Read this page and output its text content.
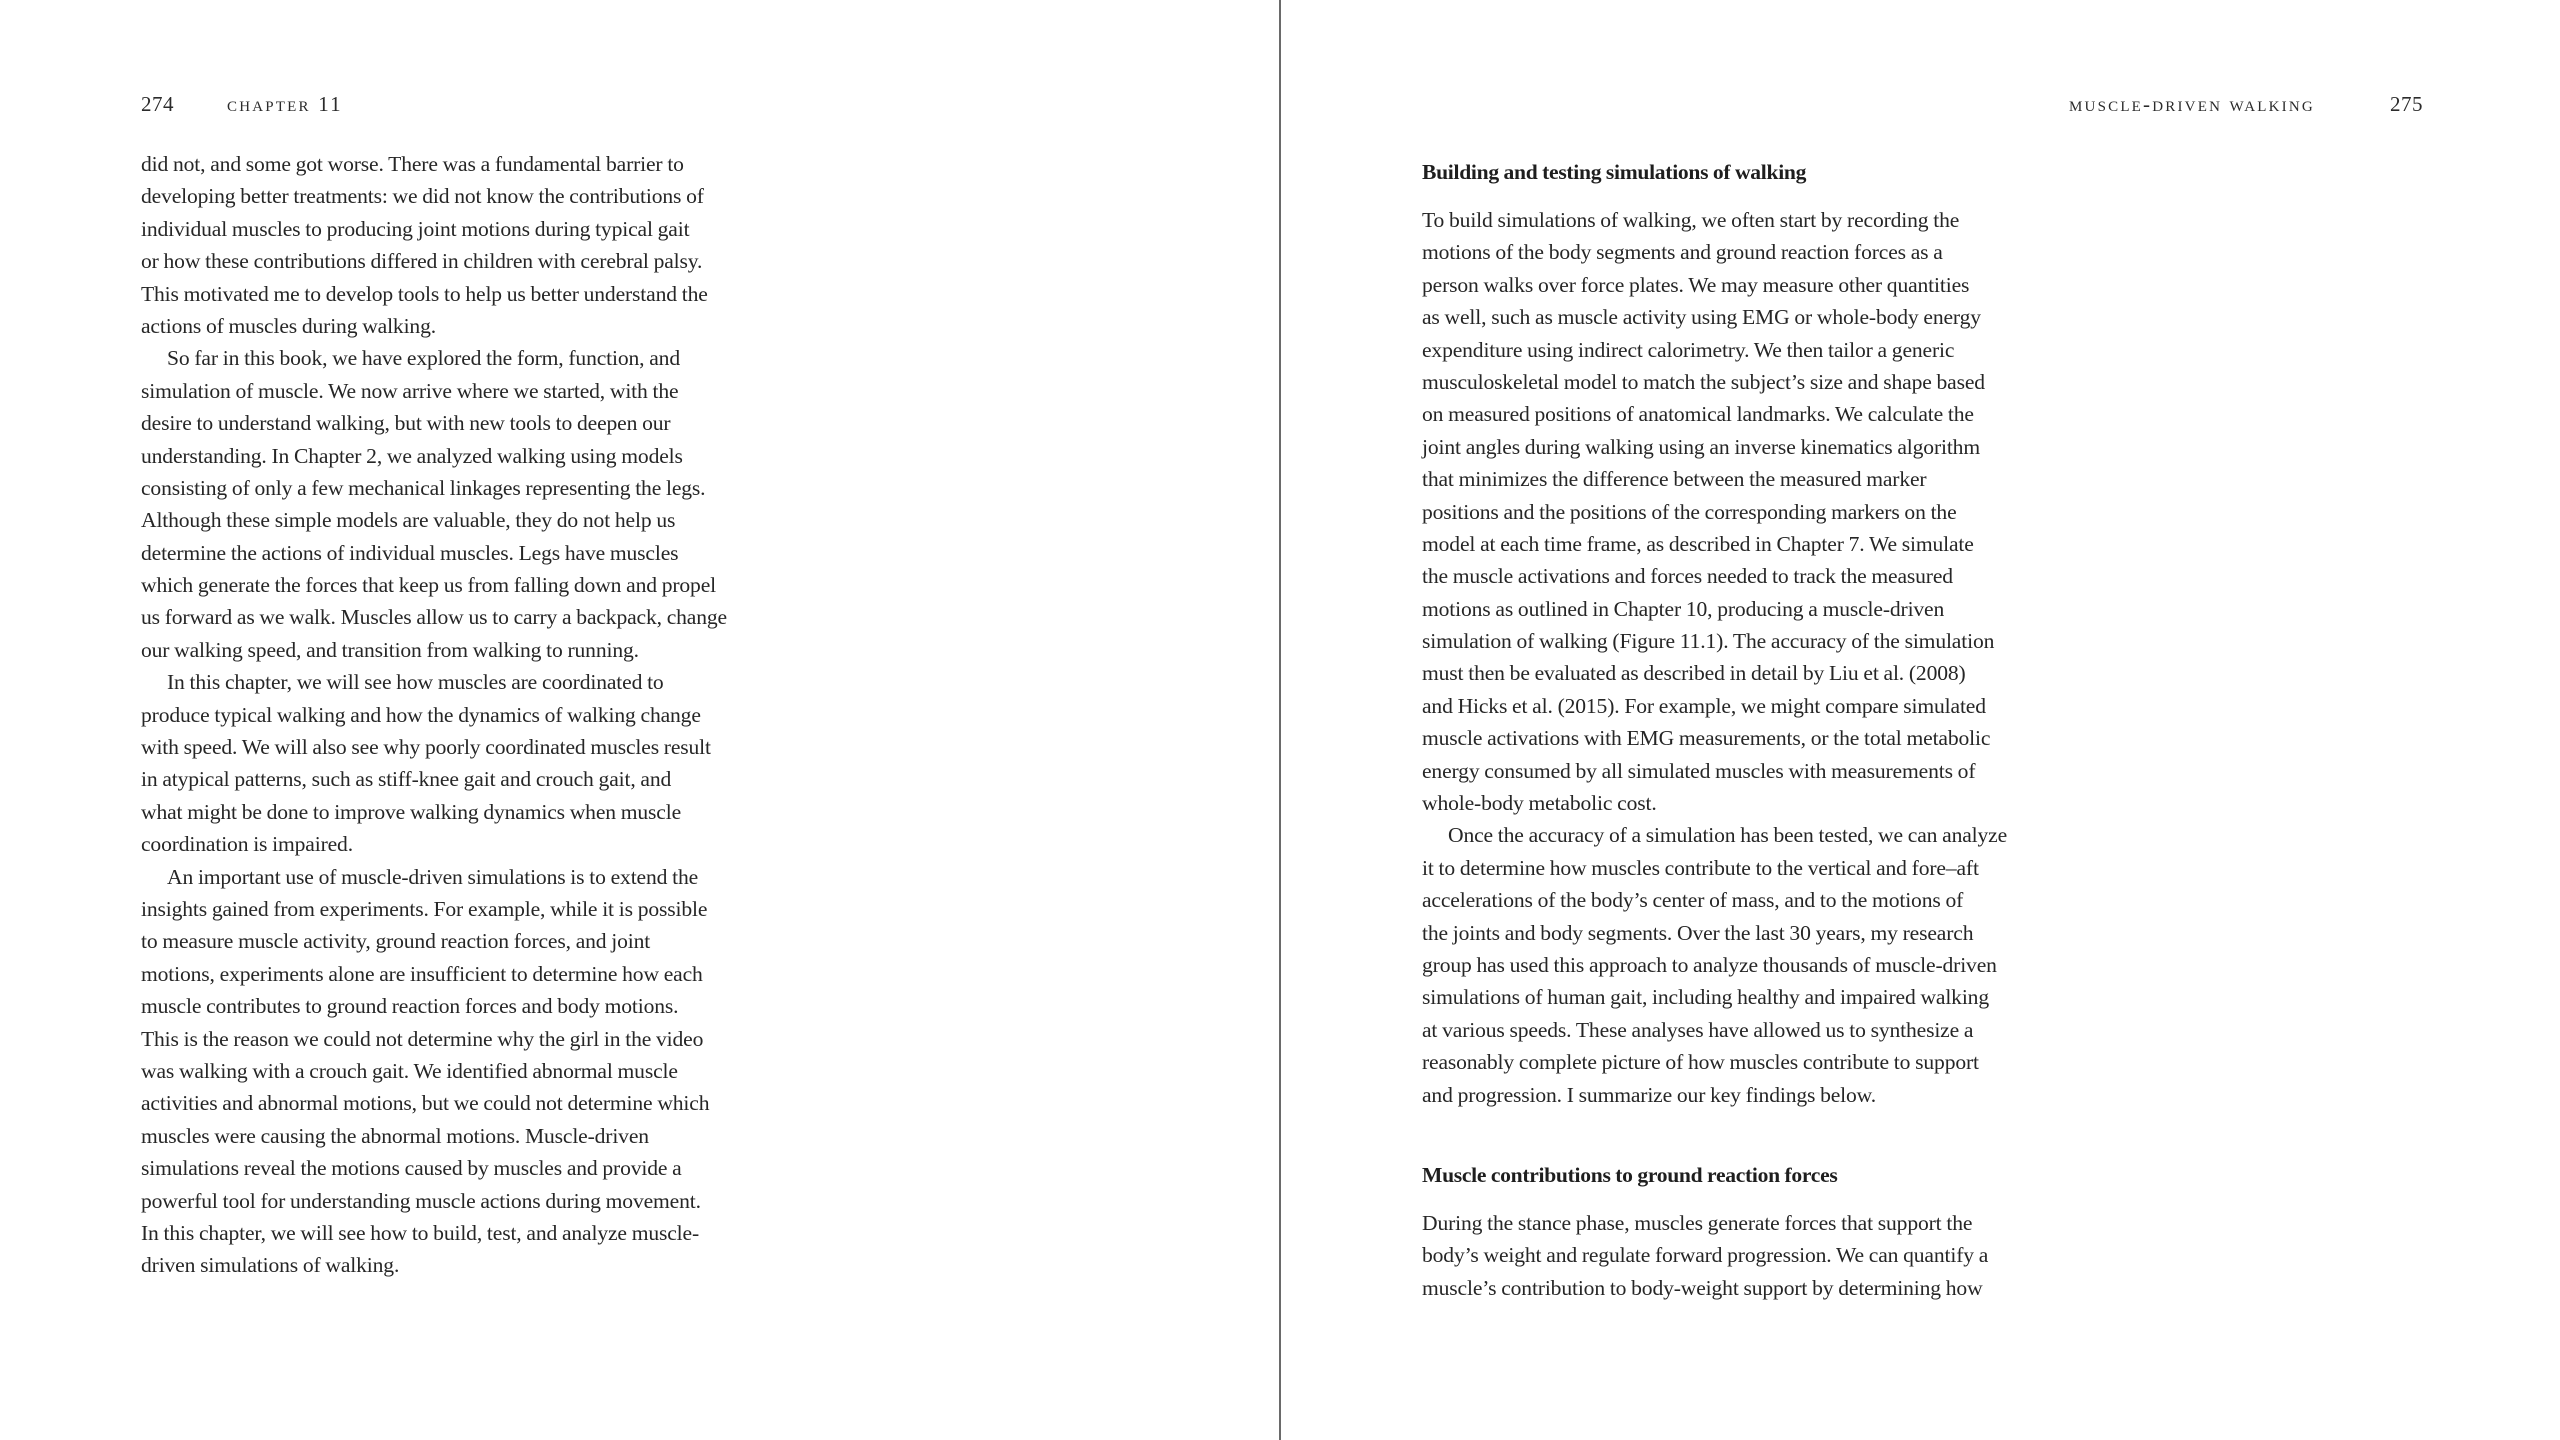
274	chapter 11
did not, and some got worse. There was a fundamental barrier to
developing better treatments: we did not know the contributions of
individual muscles to producing joint motions during typical gait
or how these contributions differed in children with cerebral palsy.
This motivated me to develop tools to help us better understand the
actions of muscles during walking.
So far in this book, we have explored the form, function, and
simulation of muscle. We now arrive where we started, with the
desire to understand walking, but with new tools to deepen our
understanding. In Chapter 2, we analyzed walking using models
consisting of only a few mechanical linkages representing the legs.
Although these simple models are valuable, they do not help us
determine the actions of individual muscles. Legs have muscles
which generate the forces that keep us from falling down and propel
us forward as we walk. Muscles allow us to carry a backpack, change
our walking speed, and transition from walking to running.
In this chapter, we will see how muscles are coordinated to
produce typical walking and how the dynamics of walking change
with speed. We will also see why poorly coordinated muscles result
in atypical patterns, such as stiff-knee gait and crouch gait, and
what might be done to improve walking dynamics when muscle
coordination is impaired.
An important use of muscle-driven simulations is to extend the
insights gained from experiments. For example, while it is possible
to measure muscle activity, ground reaction forces, and joint
motions, experiments alone are insufficient to determine how each
muscle contributes to ground reaction forces and body motions.
This is the reason we could not determine why the girl in the video
was walking with a crouch gait. We identified abnormal muscle
activities and abnormal motions, but we could not determine which
muscles were causing the abnormal motions. Muscle-driven
simulations reveal the motions caused by muscles and provide a
powerful tool for understanding muscle actions during movement.
In this chapter, we will see how to build, test, and analyze muscle-
driven simulations of walking.
muscle-driven walking	275
Building and testing simulations of walking
To build simulations of walking, we often start by recording the
motions of the body segments and ground reaction forces as a
person walks over force plates. We may measure other quantities
as well, such as muscle activity using EMG or whole-body energy
expenditure using indirect calorimetry. We then tailor a generic
musculoskeletal model to match the subject’s size and shape based
on measured positions of anatomical landmarks. We calculate the
joint angles during walking using an inverse kinematics algorithm
that minimizes the difference between the measured marker
positions and the positions of the corresponding markers on the
model at each time frame, as described in Chapter 7. We simulate
the muscle activations and forces needed to track the measured
motions as outlined in Chapter 10, producing a muscle-driven
simulation of walking (Figure 11.1). The accuracy of the simulation
must then be evaluated as described in detail by Liu et al. (2008)
and Hicks et al. (2015). For example, we might compare simulated
muscle activations with EMG measurements, or the total metabolic
energy consumed by all simulated muscles with measurements of
whole-body metabolic cost.
Once the accuracy of a simulation has been tested, we can analyze
it to determine how muscles contribute to the vertical and fore–aft
accelerations of the body’s center of mass, and to the motions of
the joints and body segments. Over the last 30 years, my research
group has used this approach to analyze thousands of muscle-driven
simulations of human gait, including healthy and impaired walking
at various speeds. These analyses have allowed us to synthesize a
reasonably complete picture of how muscles contribute to support
and progression. I summarize our key findings below.
Muscle contributions to ground reaction forces
During the stance phase, muscles generate forces that support the
body’s weight and regulate forward progression. We can quantify a
muscle’s contribution to body-weight support by determining how
